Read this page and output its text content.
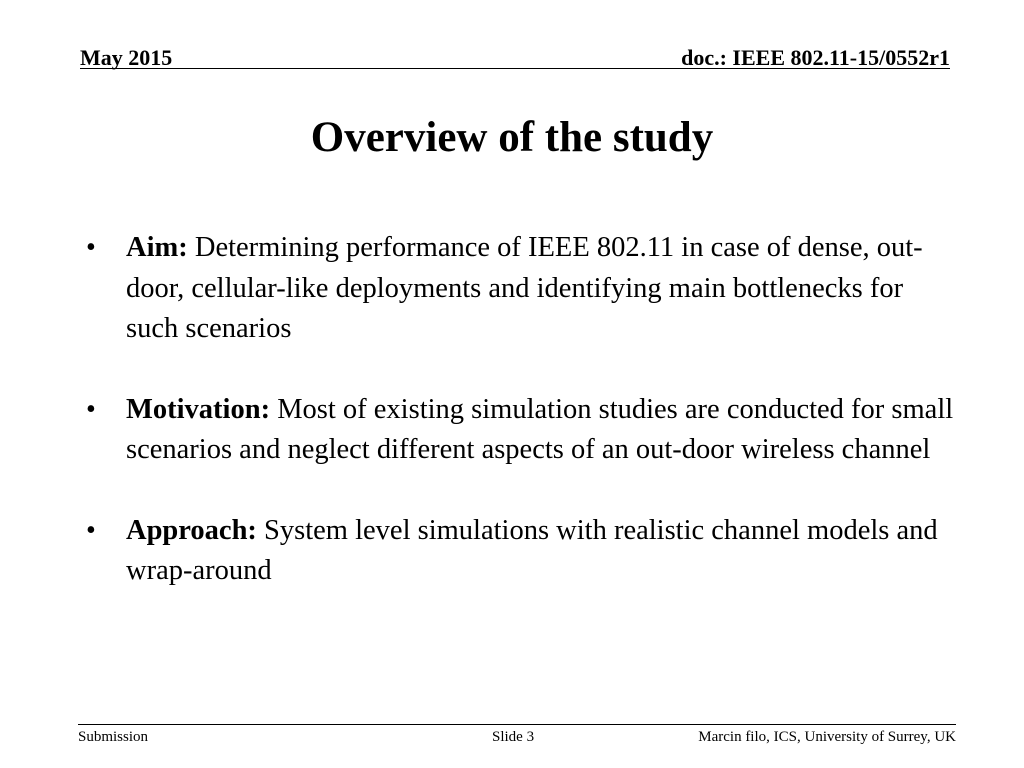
May 2015	doc.: IEEE 802.11-15/0552r1
Overview of the study
• Aim: Determining performance of IEEE 802.11 in case of dense, out-door, cellular-like deployments and identifying main bottlenecks for such scenarios
• Motivation: Most of existing simulation studies are conducted for small scenarios and neglect different aspects of an out-door wireless channel
• Approach: System level simulations with realistic channel models and wrap-around
Submission	Slide 3	Marcin filo, ICS, University of Surrey, UK
